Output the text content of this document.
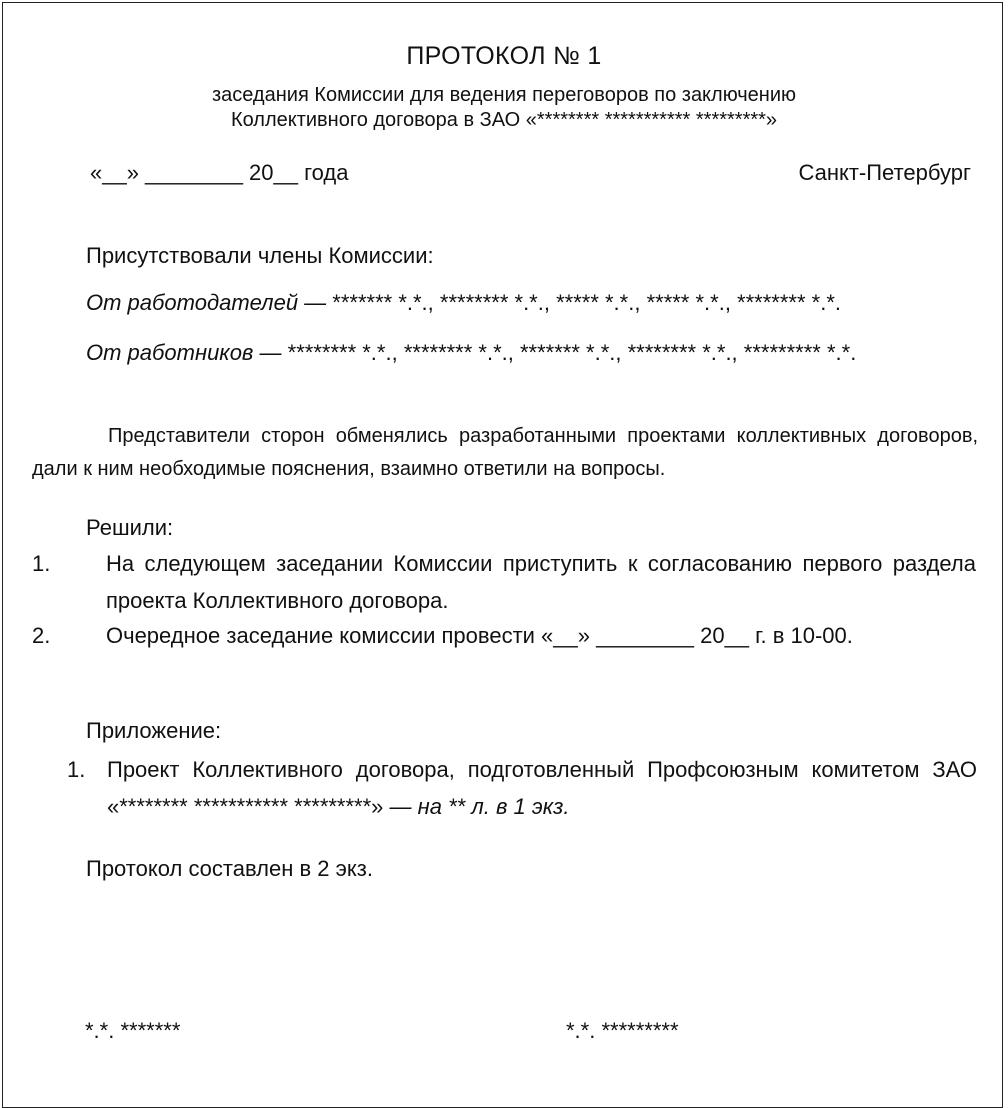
ПРОТОКОЛ № 1
заседания Комиссии для ведения переговоров по заключению
Коллективного договора в ЗАО «******** *********** *********»
«__» ________ 20__ года	Санкт-Петербург
Присутствовали члены Комиссии:
От работодателей — ******* *.*., ******** *.*., ***** *.*., ***** *.*., ******** *.*.
От работников — ******** *.*., ******** *.*., ******* *.*., ******** *.*., ********* *.*.
Представители сторон обменялись разработанными проектами коллективных договоров, дали к ним необходимые пояснения, взаимно ответили на вопросы.
Решили:
1.	На следующем заседании Комиссии приступить к согласованию первого раздела проекта Коллективного договора.
2.	Очередное заседание комиссии провести «__» ________ 20__ г. в 10-00.
Приложение:
1. Проект Коллективного договора, подготовленный Профсоюзным комитетом ЗАО «******** *********** *********» — на ** л. в 1 экз.
Протокол составлен в 2 экз.
*.*. *******	*.*. *********
